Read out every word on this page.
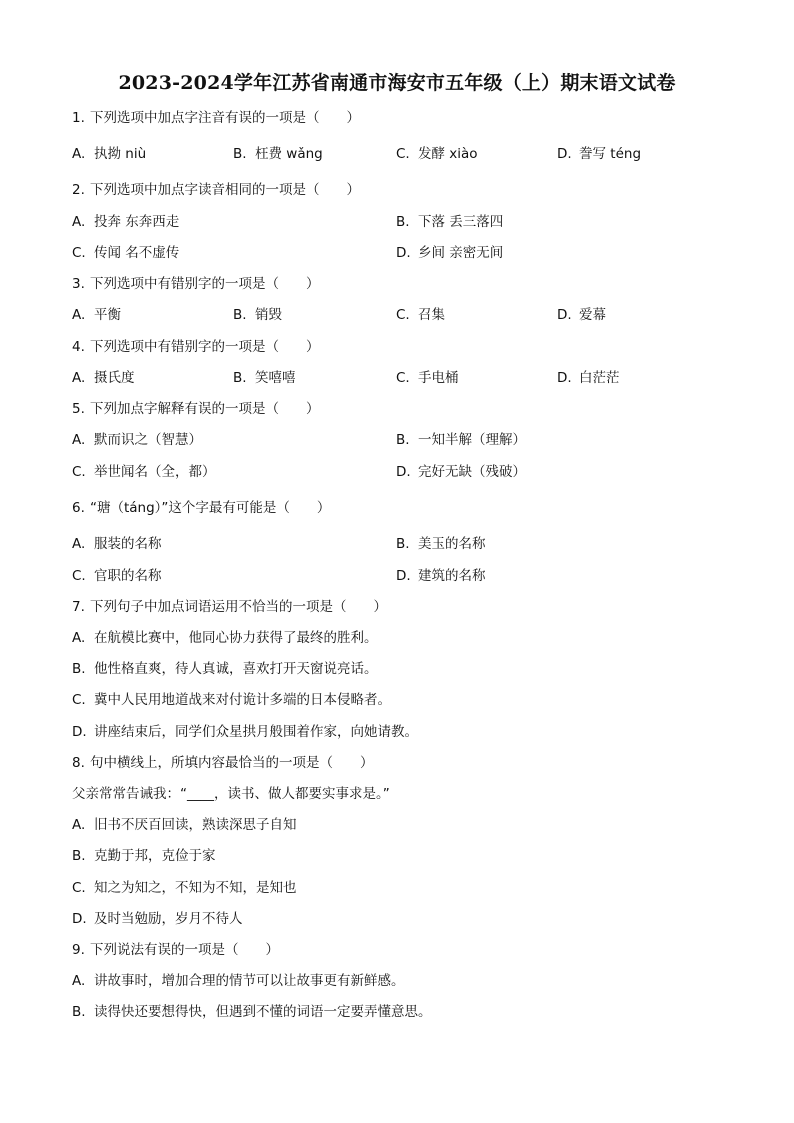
2023-2024学年江苏省南通市海安市五年级（上）期末语文试卷
1. 下列选项中加点字注音有误的一项是（　　）
A. 执拗 niù	B. 枉费 wǎng	C. 发酵 xiào	D. 誊写 téng
2. 下列选项中加点字读音相同的一项是（　　）
A. 投奔 东奔西走	B. 下落 丢三落四
C. 传闻 名不虚传	D. 乡间 亲密无间
3. 下列选项中有错别字的一项是（　　）
A. 平衡	B. 销毁	C. 召集	D. 爱幕
4. 下列选项中有错别字的一项是（　　）
A. 摄氏度	B. 笑嘻嘻	C. 手电桶	D. 白茫茫
5. 下列加点字解释有误的一项是（　　）
A. 默而识之（智慧）	B. 一知半解（理解）
C. 举世闻名（全，都）	D. 完好无缺（残破）
6. “瑭（táng）”这个字最有可能是（　　）
A. 服装的名称	B. 美玉的名称
C. 官职的名称	D. 建筑的名称
7. 下列句子中加点词语运用不恰当的一项是（　　）
A. 在航模比赛中，他同心协力获得了最终的胜利。
B. 他性格直爽，待人真诚，喜欢打开天窗说亮话。
C. 冀中人民用地道战来对付诡计多端的日本侵略者。
D. 讲座结束后，同学们众星拱月般围着作家，向她请教。
8. 句中横线上，所填内容最恰当的一项是（　　）
父亲常常告诫我：“____，读书、做人都要实事求是。”
A. 旧书不厌百回读，熟读深思子自知
B. 克勤于邦，克俭于家
C. 知之为知之，不知为不知，是知也
D. 及时当勉励，岁月不待人
9. 下列说法有误的一项是（　　）
A. 讲故事时，增加合理的情节可以让故事更有新鲜感。
B. 读得快还要想得快，但遇到不懂的词语一定要弄懂意思。
